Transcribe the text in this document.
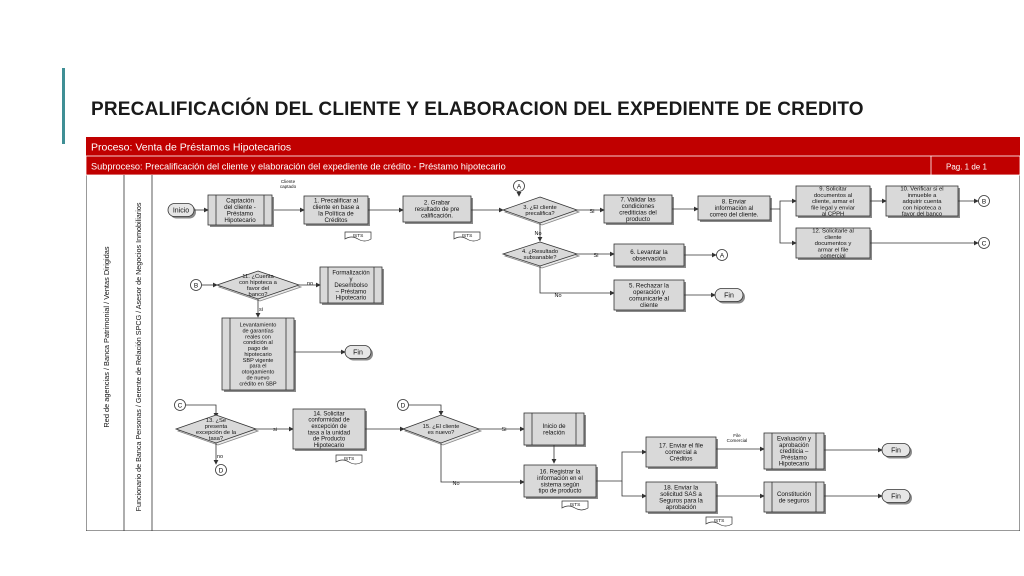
PRECALIFICACIÓN DEL CLIENTE Y ELABORACION DEL EXPEDIENTE DE CREDITO
Proceso: Venta de Préstamos Hipotecarios
Subproceso: Precalificación del cliente y elaboración del expediente de crédito - Préstamo hipotecario	Pag. 1 de 1
Red de agencias / Banca Patrimonial / Ventas Dirigidas	Funcionario de Banca Personas / Gerente de Relación SPCG / Asesor de Negocios Inmobiliarios	Inicio
Captación del cliente -Préstamo Hipotecario
Cliente captado
1. Precalificar al cliente en base a la Política de Créditos
ISTS
2. Grabar resultado de pre calificación.
ISTS
A
3. ¿El cliente precalifica?	Si
No
7. Validar las condiciones crediticias del producto
8. Enviar información al correo del cliente.
9. Solicitar documentos al cliente, armar el file legal y enviar al CPPH
10. Verificar si el inmueble a adquirir cuenta con hipoteca a favor del banco
B
12. Solicitarle al cliente documentos y armar el file comercial
C
4. ¿Resultado subsanable?	Si
6. Levantar la observación	A
No
5. Rechazar la operación y comunicarle al cliente
Fin
B
11. ¿Cuenta con hipoteca a favor del banco?
no
Formalización y Desembolso – Préstamo Hipotecario
si
Levantamiento de garantías reales con condición al pago de hipotecario SBP vigente para el otorgamiento de nuevo crédito en SBP
Fin
C
13. ¿Se presenta excepción de la tasa?
si
14. Solicitar conformidad de excepción de tasa a la unidad de Producto Hipotecario
ISTS
no
D
D
15. ¿El cliente es nuevo?
Si
Inicio de relación
No
16. Registrar la información en el sistema según tipo de producto
ISTS
17. Enviar el file comercial a Créditos
File Comercial	Evaluación y aprobación crediticia – Préstamo Hipotecario
Fin
18. Enviar la solicitud SAS a Seguros para la aprobación
ISTS
Constitución de seguros
Fin
